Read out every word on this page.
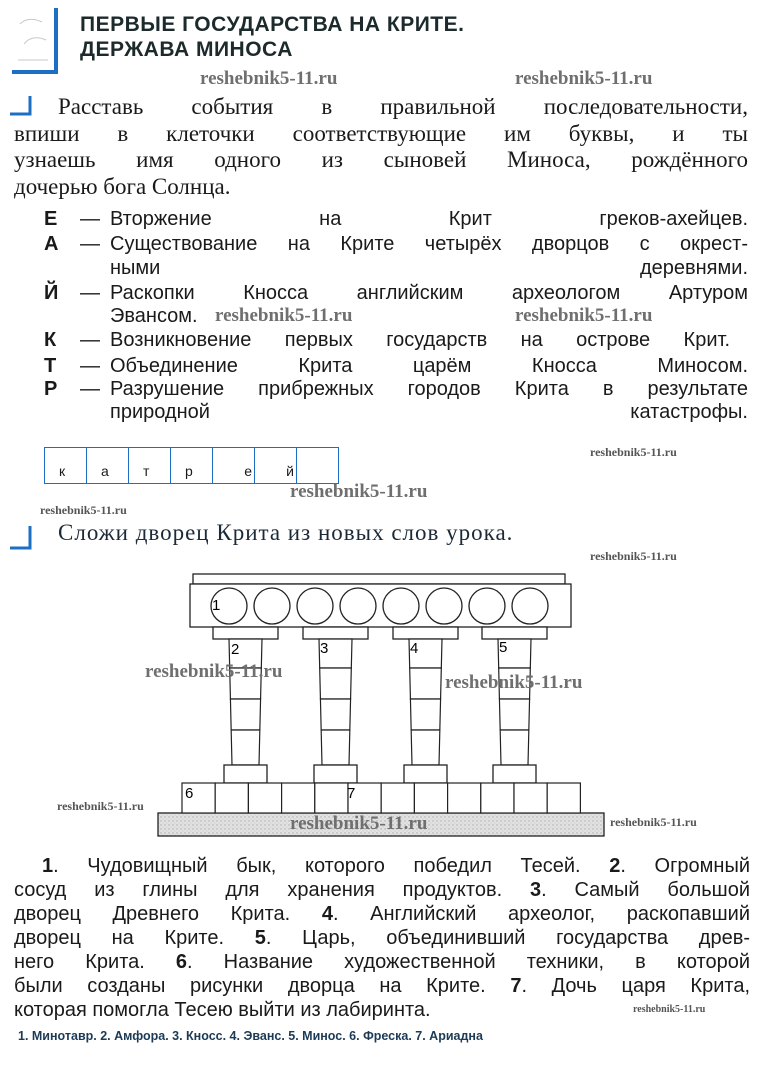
ПЕРВЫЕ ГОСУДАРСТВА НА КРИТЕ.
ДЕРЖАВА МИНОСА
Расставь события в правильной последовательности,
впиши в клеточки соответствующие им буквы, и ты
узнаешь имя одного из сыновей Миноса, рождённого
дочерью бога Солнца.
Е — Вторжение на Крит греков-ахейцев.
А — Существование на Крите четырёх дворцов с окрест-
ными деревнями.
Й — Раскопки Кносса английским археологом Артуром
Эвансом.
К — Возникновение первых государств на острове Крит.
Т — Объединение Крита царём Кносса Миносом.
Р — Разрушение прибрежных городов Крита в результате
природной катастрофы.
к	а т	р	е й
Сложи дворец Крита из новых слов урока.
1
6	7
2	3	4	5
1. Чудовищный бык, которого победил Тесей. 2. Огромный
сосуд из глины для хранения продуктов. 3. Самый большой
дворец Древнего Крита. 4. Английский археолог, раскопавший
дворец на Крите. 5. Царь, объединивший государства древ-
него Крита. 6. Название художественной техники, в которой
были созданы рисунки дворца на Крите. 7. Дочь царя Крита,
которая помогла Тесею выйти из лабиринта.
1. Минотавр. 2. Амфора. 3. Кносс. 4. Эванс. 5. Минос. 6. Фреска. 7. Ариадна
reshebnik5-11.ru	reshebnik5-11.ru
reshebnik5-11.ru	reshebnik5-11.ru
reshebnik5-11.ru
reshebnik5-11.ru
reshebnik5-11.ru
reshebnik5-11.ru
reshebnik5-11.ru
reshebnik5-11.ru
reshebnik5-11.ru
reshebnik5-11.ru	reshebnik5-11.ru
reshebnik5-11.ru
